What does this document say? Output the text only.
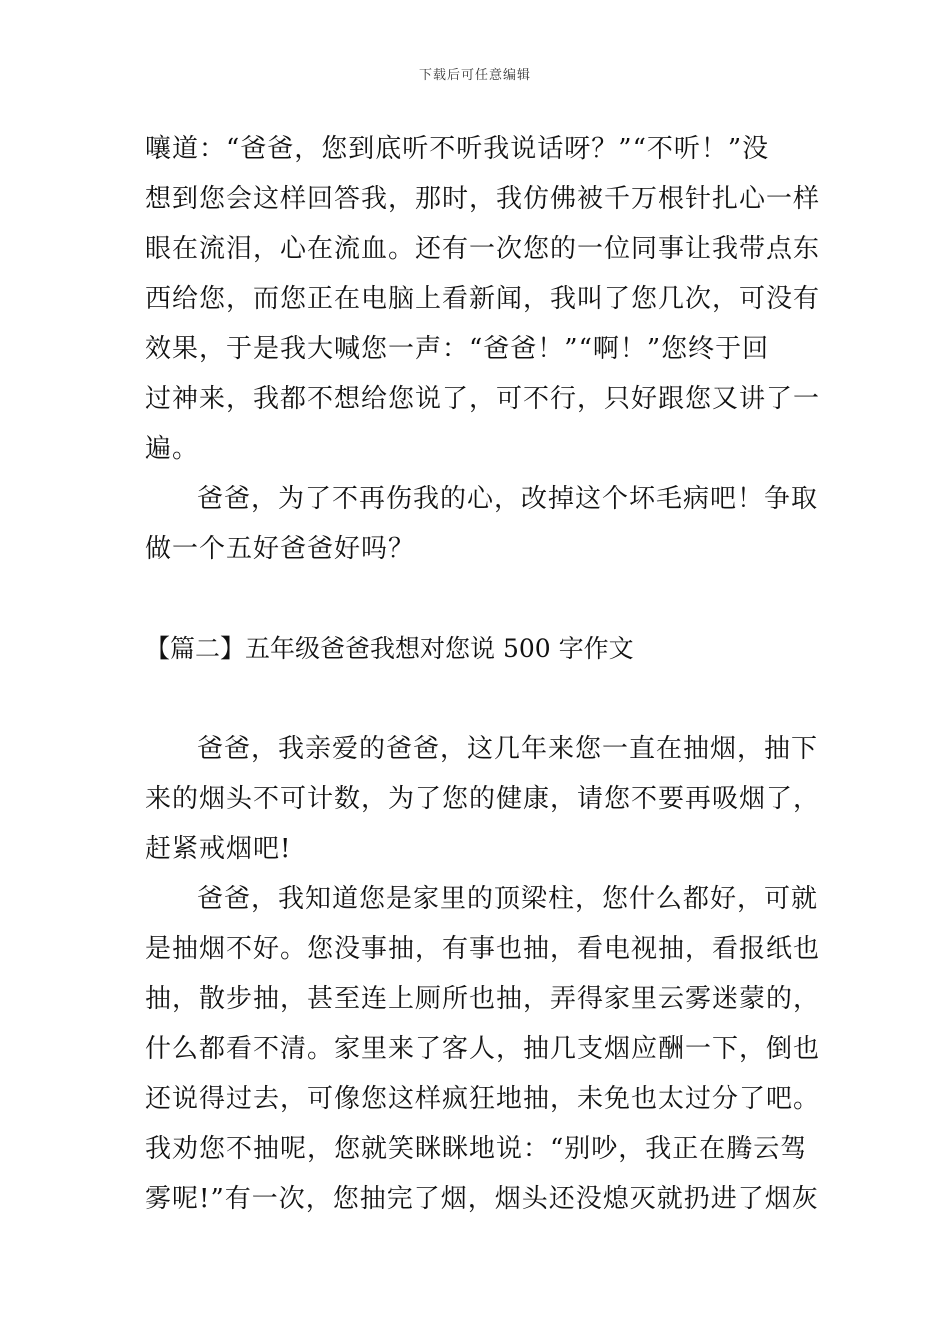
下载后可任意编辑
嚷道：“爸爸，您到底听不听我说话呀？”“不听！”没
想到您会这样回答我，那时，我仿佛被千万根针扎心一样
眼在流泪，心在流血。还有一次您的一位同事让我带点东
西给您，而您正在电脑上看新闻，我叫了您几次，可没有
效果，于是我大喊您一声：“爸爸！”“啊！”您终于回
过神来，我都不想给您说了，可不行，只好跟您又讲了一
遍。
爸爸，为了不再伤我的心，改掉这个坏毛病吧！争取
做一个五好爸爸好吗？
【篇二】五年级爸爸我想对您说 500 字作文
爸爸，我亲爱的爸爸，这几年来您一直在抽烟，抽下
来的烟头不可计数，为了您的健康，请您不要再吸烟了，
赶紧戒烟吧!
爸爸，我知道您是家里的顶梁柱，您什么都好，可就
是抽烟不好。您没事抽，有事也抽，看电视抽，看报纸也
抽，散步抽，甚至连上厕所也抽，弄得家里云雾迷蒙的，
什么都看不清。家里来了客人，抽几支烟应酬一下，倒也
还说得过去，可像您这样疯狂地抽，未免也太过分了吧。
我劝您不抽呢，您就笑眯眯地说：“别吵，我正在腾云驾
雾呢!”有一次，您抽完了烟，烟头还没熄灭就扔进了烟灰
